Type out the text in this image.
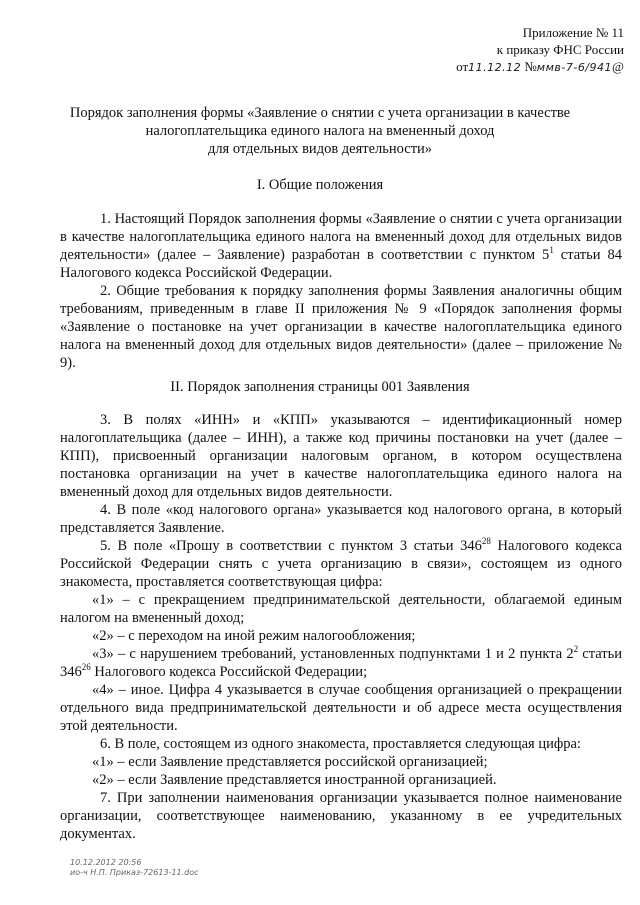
Приложение № 11
к приказу ФНС России
от11.12.12 №ммв-7-6/941@
Порядок заполнения формы «Заявление о снятии с учета организации в качестве
налогоплательщика единого налога на вмененный доход
для отдельных видов деятельности»
I. Общие положения

1. Настоящий Порядок заполнения формы «Заявление о снятии с учета организации в качестве налогоплательщика единого налога на вмененный доход для отдельных видов деятельности» (далее – Заявление) разработан в соответствии с пунктом $5^1$ статьи 84 Налогового кодекса Российской Федерации.

2. Общие требования к порядку заполнения формы Заявления аналогичны общим требованиям, приведенным в главе II приложения № 9 «Порядок заполнения формы «Заявление о постановке на учет организации в качестве налогоплательщика единого налога на вмененный доход для отдельных видов деятельности» (далее – приложение № 9).

II. Порядок заполнения страницы 001 Заявления

3. В полях «ИНН» и «КПП» указываются – идентификационный номер налогоплательщика (далее – ИНН), а также код причины постановки на учет (далее – КПП), присвоенный организации налоговым органом, в котором осуществлена постановка организации на учет в качестве налогоплательщика единого налога на вмененный доход для отдельных видов деятельности.

4. В поле «код налогового органа» указывается код налогового органа, в который представляется Заявление.

5. В поле «Прошу в соответствии с пунктом 3 статьи $346^{28}$ Налогового кодекса Российской Федерации снять с учета организацию в связи», состоящем из одного знакоместа, проставляется соответствующая цифра:

«1» – с прекращением предпринимательской деятельности, облагаемой единым налогом на вмененный доход;

«2» – с переходом на иной режим налогообложения;

«3» – с нарушением требований, установленных подпунктами 1 и 2 пункта $2^2$ статьи $346^{26}$ Налогового кодекса Российской Федерации;

«4» – иное. Цифра 4 указывается в случае сообщения организацией о прекращении отдельного вида предпринимательской деятельности и об адресе места осуществления этой деятельности.

6. В поле, состоящем из одного знакоместа, проставляется следующая цифра:

«1» – если Заявление представляется российской организацией;

«2» – если Заявление представляется иностранной организацией.

7. При заполнении наименования организации указывается полное наименование организации, соответствующее наименованию, указанному в ее учредительных документах.

10.12.2012 20:56
ио-ч Н.П. Приказ-72613-11.doc
